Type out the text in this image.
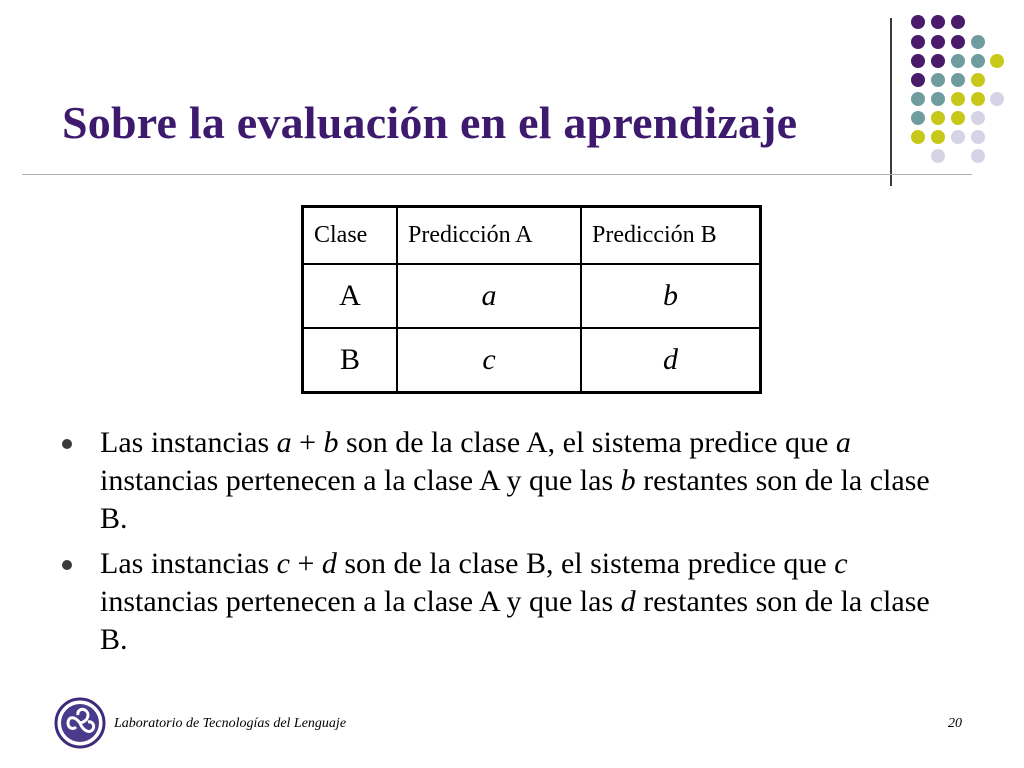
Sobre la evaluación en el aprendizaje
Clase	Predicción A	Predicción B
A	a	b
B	c	d
Las instancias a + b son de la clase A, el sistema predice que a instancias pertenecen a la clase A y que las b restantes son de la clase B.
Las instancias c + d son de la clase B, el sistema predice que c instancias pertenecen a la clase A y que las d restantes son de la clase B.
Laboratorio de Tecnologías del Lenguaje	20
